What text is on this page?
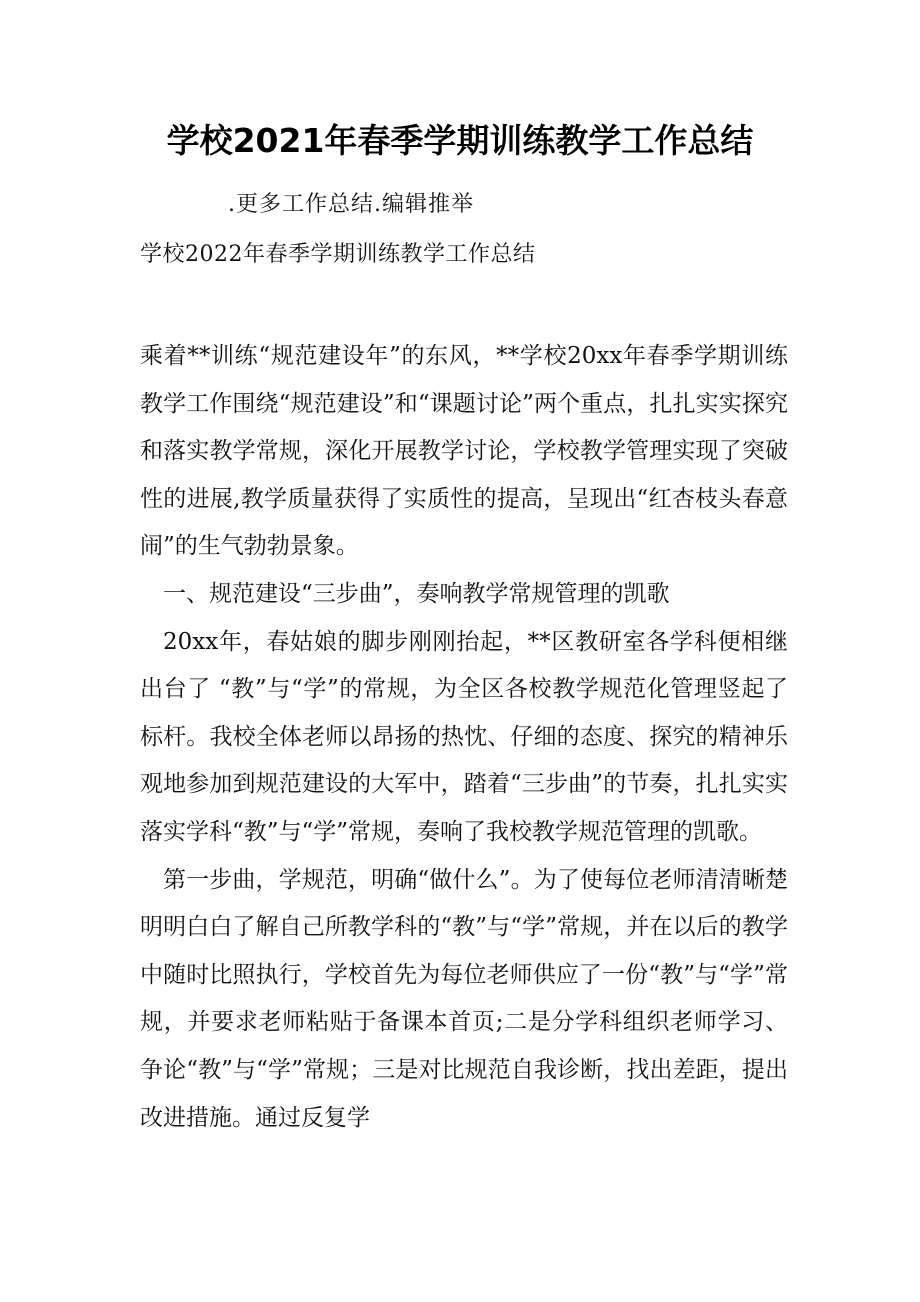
学校2021年春季学期训练教学工作总结
.更多工作总结.编辑推举
学校2022年春季学期训练教学工作总结

乘着**训练“规范建设年”的东风，**学校20xx年春季学期训练教学工作围绕“规范建设”和“课题讨论”两个重点，扎扎实实探究和落实教学常规，深化开展教学讨论，学校教学管理实现了突破性的进展,教学质量获得了实质性的提高，呈现出“红杏枝头春意闹”的生气勃勃景象。

一、规范建设“三步曲”，奏响教学常规管理的凯歌

20xx年，春姑娘的脚步刚刚抬起，**区教研室各学科便相继出台了 “教”与“学”的常规，为全区各校教学规范化管理竖起了标杆。我校全体老师以昂扬的热忱、仔细的态度、探究的精神乐观地参加到规范建设的大军中，踏着“三步曲”的节奏，扎扎实实落实学科“教”与“学”常规，奏响了我校教学规范管理的凯歌。

第一步曲，学规范，明确“做什么”。为了使每位老师清清晰楚明明白白了解自己所教学科的“教”与“学”常规，并在以后的教学中随时比照执行，学校首先为每位老师供应了一份“教”与“学”常规，并要求老师粘贴于备课本首页;二是分学科组织老师学习、争论“教”与“学”常规；三是对比规范自我诊断，找出差距，提出改进措施。通过反复学
